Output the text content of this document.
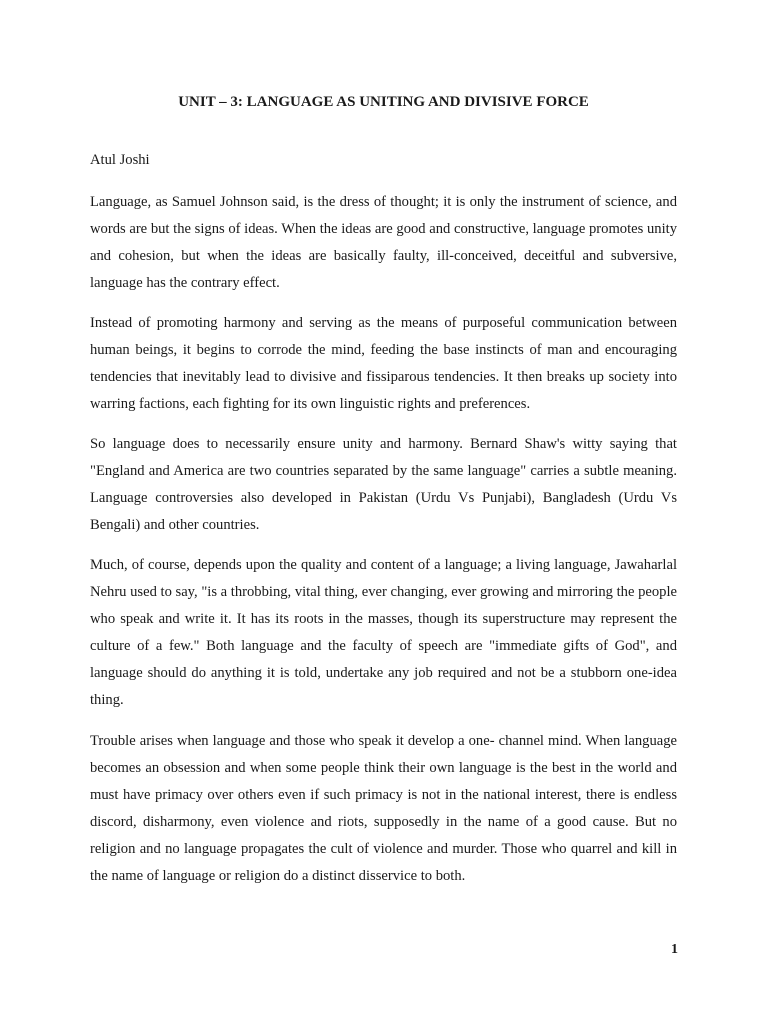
UNIT – 3: LANGUAGE AS UNITING AND DIVISIVE FORCE
Atul Joshi

Language, as Samuel Johnson said, is the dress of thought; it is only the instrument of science, and words are but the signs of ideas. When the ideas are good and constructive, language promotes unity and cohesion, but when the ideas are basically faulty, ill-conceived, deceitful and subversive, language has the contrary effect.

Instead of promoting harmony and serving as the means of purposeful communication between human beings, it begins to corrode the mind, feeding the base instincts of man and encouraging tendencies that inevitably lead to divisive and fissiparous tendencies. It then breaks up society into warring factions, each fighting for its own linguistic rights and preferences.

So language does to necessarily ensure unity and harmony. Bernard Shaw's witty saying that "England and America are two countries separated by the same language" carries a subtle meaning. Language controversies also developed in Pakistan (Urdu Vs Punjabi), Bangladesh (Urdu Vs Bengali) and other countries.

Much, of course, depends upon the quality and content of a language; a living language, Jawaharlal Nehru used to say, "is a throbbing, vital thing, ever changing, ever growing and mirroring the people who speak and write it. It has its roots in the masses, though its superstructure may represent the culture of a few." Both language and the faculty of speech are "immediate gifts of God", and language should do anything it is told, undertake any job required and not be a stubborn one-idea thing.

Trouble arises when language and those who speak it develop a one- channel mind. When language becomes an obsession and when some people think their own language is the best in the world and must have primacy over others even if such primacy is not in the national interest, there is endless discord, disharmony, even violence and riots, supposedly in the name of a good cause. But no religion and no language propagates the cult of violence and murder. Those who quarrel and kill in the name of language or religion do a distinct disservice to both.

1
